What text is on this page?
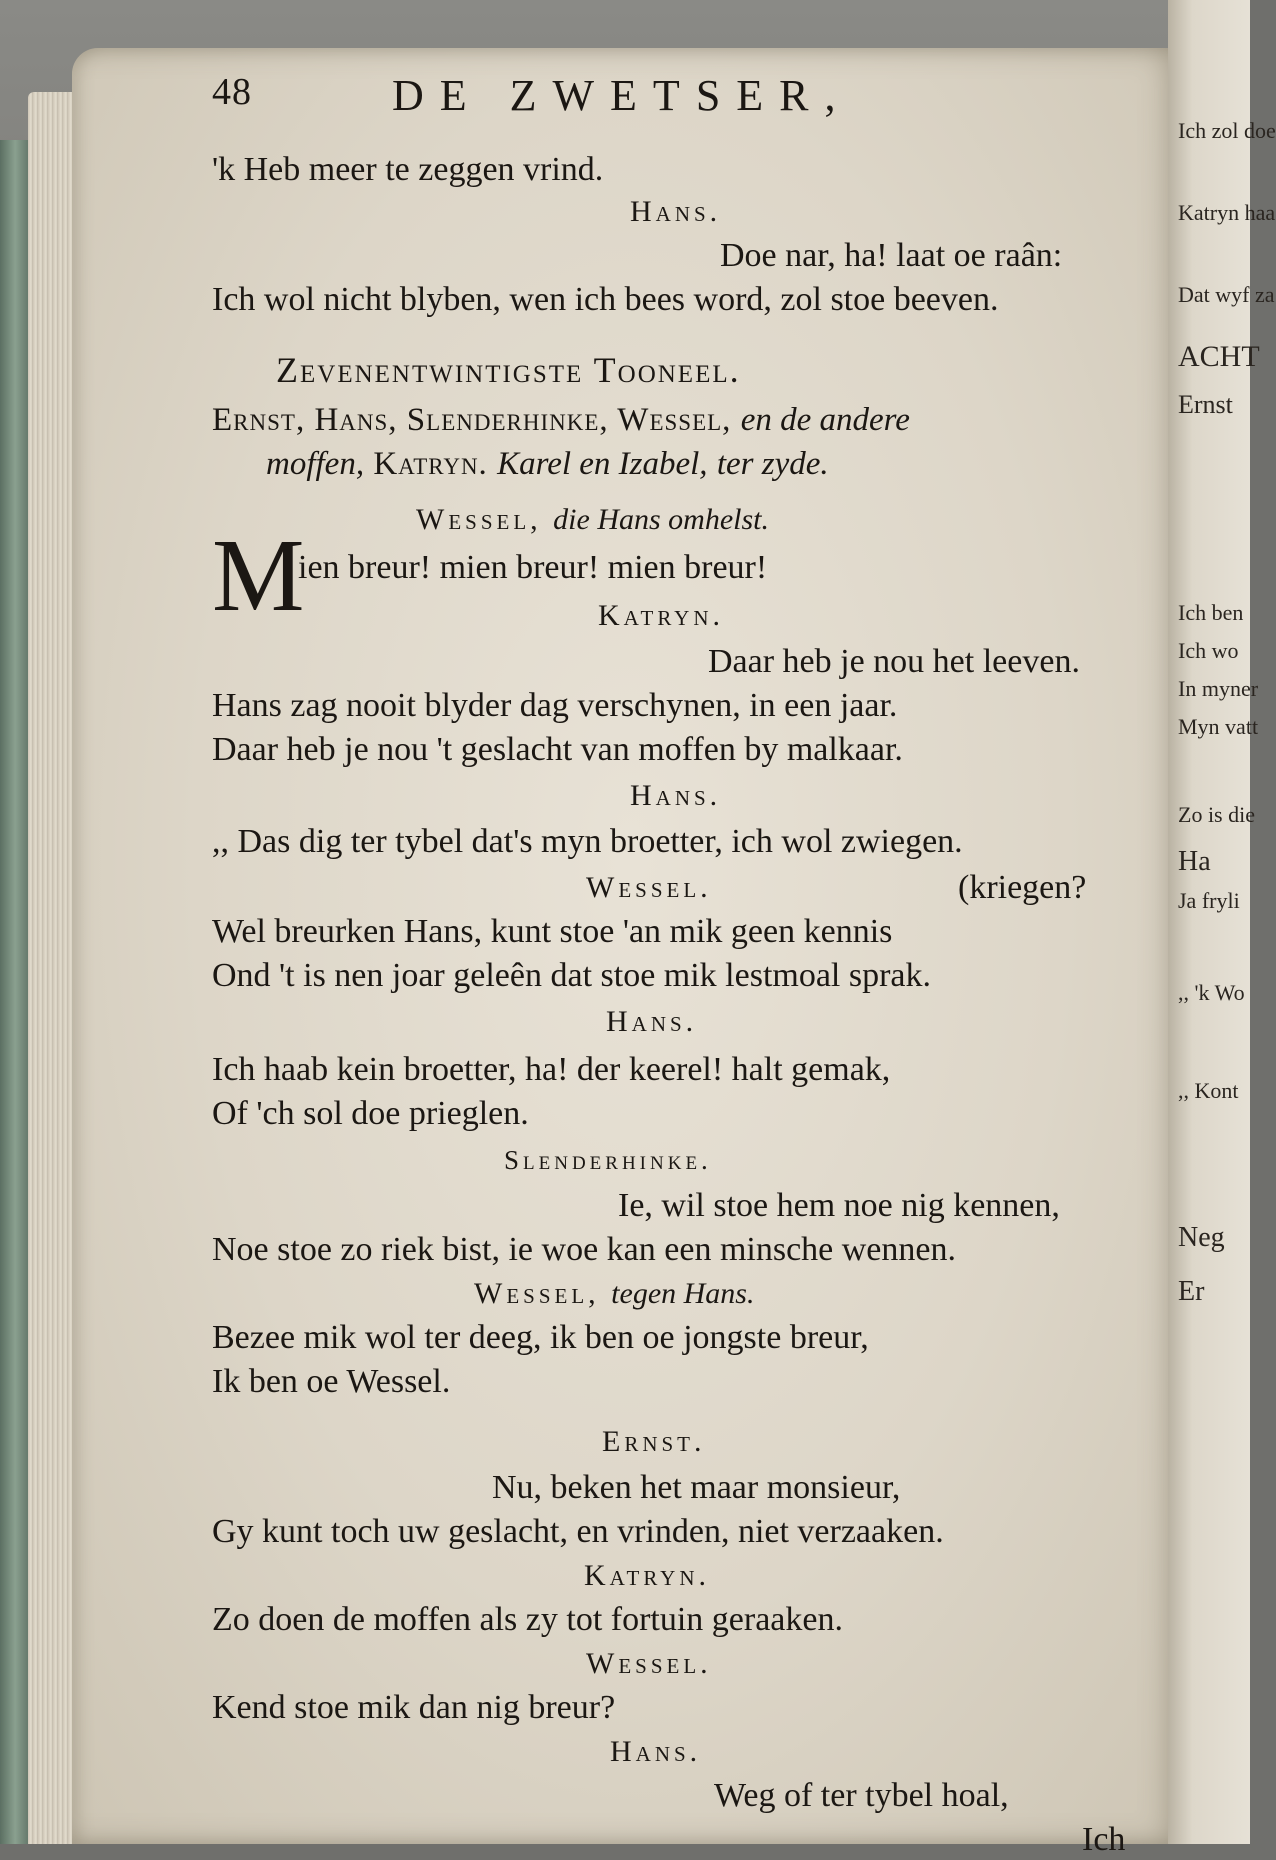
Ich zol doe
Katryn haa
Dat wyf za
ACHT
Ernst
Ich ben
Ich wo
In myner
Myn vatt
Zo is die
Ha
Ja fryli
,, 'k Wo
,, Kont
Neg
Er
48	DE ZWETSER,
'k Heb meer te zeggen vrind.
Hans.
Doe nar, ha! laat oe raân:
Ich wol nicht blyben, wen ich bees word, zol stoe beeven.
Zevenentwintigste Tooneel.
Ernst, Hans, Slenderhinke, Wessel, en de andere
moffen, Katryn. Karel en Izabel, ter zyde.
Wessel, die Hans omhelst.
M
ien breur! mien breur! mien breur!
Katryn.
Daar heb je nou het leeven.
Hans zag nooit blyder dag verschynen, in een jaar.
Daar heb je nou 't geslacht van moffen by malkaar.
Hans.
,, Das dig ter tybel dat's myn broetter, ich wol zwiegen.
Wessel.	(kriegen?
Wel breurken Hans, kunt stoe 'an mik geen kennis
Ond 't is nen joar geleên dat stoe mik lestmoal sprak.
Hans.
Ich haab kein broetter, ha! der keerel! halt gemak,
Of 'ch sol doe prieglen.
Slenderhinke.
Ie, wil stoe hem noe nig kennen,
Noe stoe zo riek bist, ie woe kan een minsche wennen.
Wessel, tegen Hans.
Bezee mik wol ter deeg, ik ben oe jongste breur,
Ik ben oe Wessel.
Ernst.
Nu, beken het maar monsieur,
Gy kunt toch uw geslacht, en vrinden, niet verzaaken.
Katryn.
Zo doen de moffen als zy tot fortuin geraaken.
Wessel.
Kend stoe mik dan nig breur?
Hans.
Weg of ter tybel hoal,
Ich
